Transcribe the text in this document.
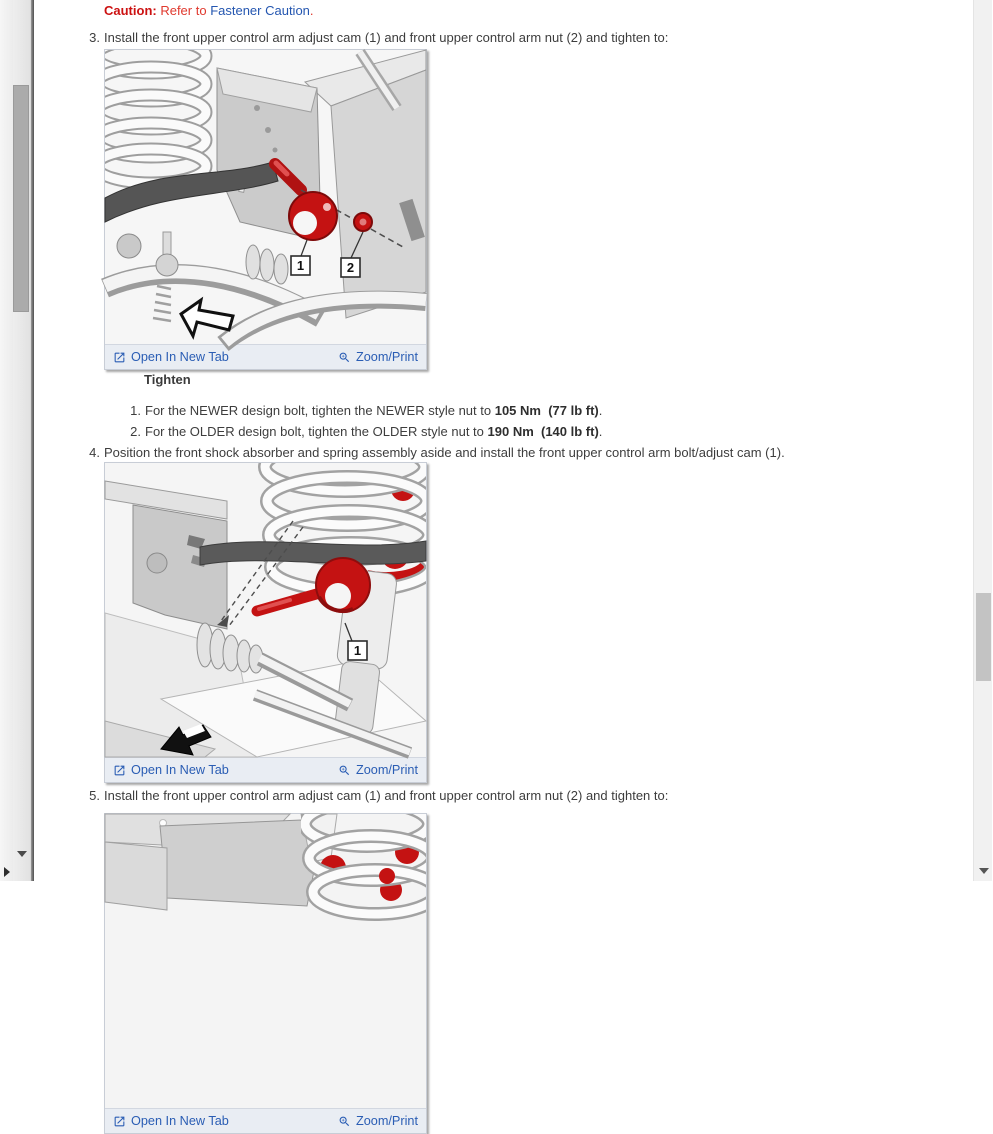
Caution: Refer to Fastener Caution.
3. Install the front upper control arm adjust cam (1) and front upper control arm nut (2) and tighten to:
1	2
Open In New Tab	Zoom/Print
Tighten
1. For the NEWER design bolt, tighten the NEWER style nut to 105 Nm  (77 lb ft).
2. For the OLDER design bolt, tighten the OLDER style nut to 190 Nm  (140 lb ft).
4. Position the front shock absorber and spring assembly aside and install the front upper control arm bolt/adjust cam (1).
1
Open In New Tab	Zoom/Print
5. Install the front upper control arm adjust cam (1) and front upper control arm nut (2) and tighten to:
Open In New Tab	Zoom/Print
